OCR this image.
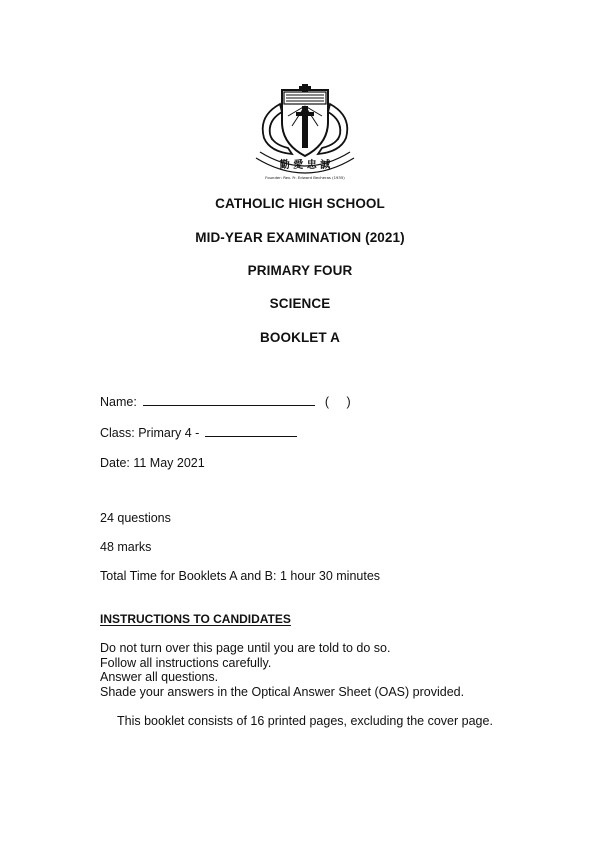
勤 愛 忠 誠
Founder: Rev. Fr. Edward Becheras (1935)
CATHOLIC HIGH SCHOOL
MID-YEAR EXAMINATION (2021)
PRIMARY FOUR
SCIENCE
BOOKLET A
Name:	( )
Class: Primary 4 -
Date: 11 May 2021
24 questions
48 marks
Total Time for Booklets A and B: 1 hour 30 minutes
INSTRUCTIONS TO CANDIDATES
Do not turn over this page until you are told to do so.
Follow all instructions carefully.
Answer all questions.
Shade your answers in the Optical Answer Sheet (OAS) provided.
This booklet consists of 16 printed pages, excluding the cover page.
